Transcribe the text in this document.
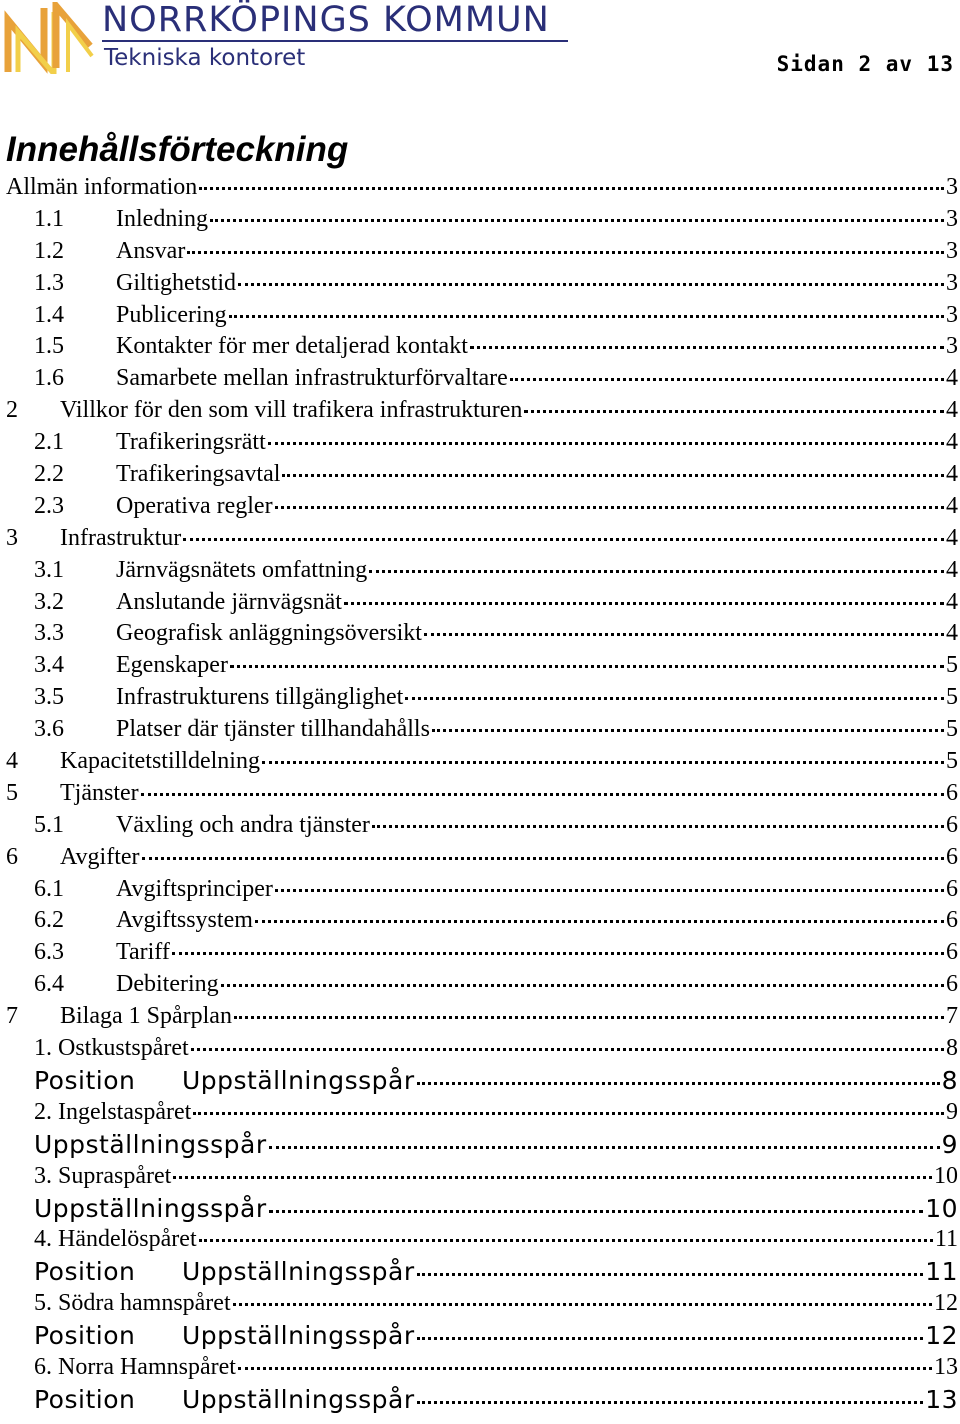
NORRKÖPINGS KOMMUN
Tekniska kontoret	Sidan 2 av 13
Innehållsförteckning
Allmän information	3
1.1	Inledning	3
1.2	Ansvar	3
1.3	Giltighetstid	3
1.4	Publicering	3
1.5	Kontakter för mer detaljerad kontakt	3
1.6	Samarbete mellan infrastrukturförvaltare	4
2	Villkor för den som vill trafikera infrastrukturen	4
2.1	Trafikeringsrätt	4
2.2	Trafikeringsavtal	4
2.3	Operativa regler	4
3	Infrastruktur	4
3.1	Järnvägsnätets omfattning	4
3.2	Anslutande järnvägsnät	4
3.3	Geografisk anläggningsöversikt	4
3.4	Egenskaper	5
3.5	Infrastrukturens tillgänglighet	5
3.6	Platser där tjänster tillhandahålls	5
4	Kapacitetstilldelning	5
5	Tjänster	6
5.1	Växling och andra tjänster	6
6	Avgifter	6
6.1	Avgiftsprinciper	6
6.2	Avgiftssystem	6
6.3	Tariff	6
6.4	Debitering	6
7	Bilaga 1 Spårplan	7
1. Ostkustspåret	8
Position	Uppställningsspår	8
2. Ingelstaspåret	9
Uppställningsspår	9
3. Supraspåret	10
Uppställningsspår	10
4. Händelöspåret	11
Position	Uppställningsspår	11
5. Södra hamnspåret	12
Position	Uppställningsspår	12
6. Norra Hamnspåret	13
Position	Uppställningsspår	13
